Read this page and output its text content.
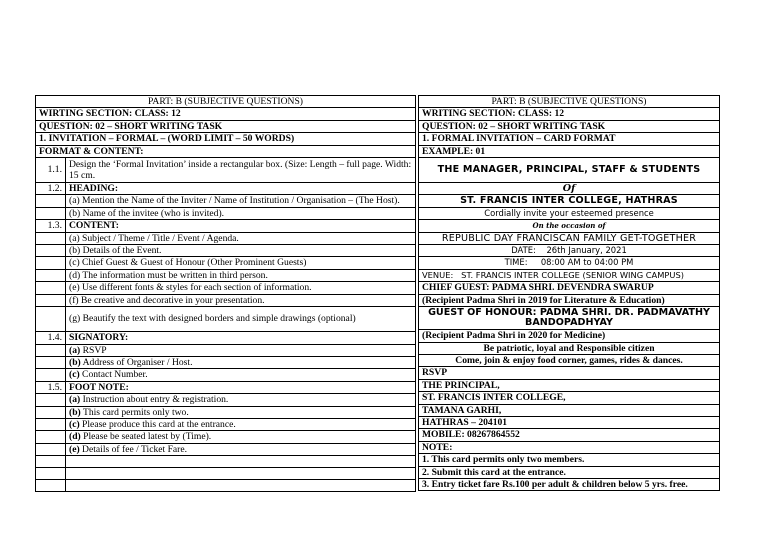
PART: B (SUBJECTIVE QUESTIONS)	
WIRTING SECTION: CLASS: 12	
QUESTION: 02 – SHORT WRITING TASK	
1. INVITATION – FORMAL – (WORD LIMIT – 50 WORDS)	
FORMAT & CONTENT:	
1.1.	Design the ‘Formal Invitation’ inside a rectangular box. (Size: Length – full page. Width: 15 cm.
1.2.	HEADING:
	(a) Mention the Name of the Inviter / Name of Institution / Organisation – (The Host).
	(b) Name of the invitee (who is invited).
1.3.	CONTENT:
	(a) Subject / Theme / Title / Event / Agenda.
	(b) Details of the Event.
	(c) Chief Guest & Guest of Honour (Other Prominent Guests)
	(d) The information must be written in third person.
	(e) Use different fonts & styles for each section of information.
	(f) Be creative and decorative in your presentation.
	(g) Beautify the text with designed borders and simple drawings (optional)
1.4.	SIGNATORY:
	(a) RSVP
	(b) Address of Organiser / Host.
	(c) Contact Number.
1.5.	FOOT NOTE:
	(a) Instruction about entry & registration.
	(b) This card permits only two.
	(c) Please produce this card at the entrance.
	(d) Please be seated latest by (Time).
	(e) Details of fee / Ticket Fare.

PART: B (SUBJECTIVE QUESTIONS)
WRITING SECTION: CLASS: 12
QUESTION: 02 – SHORT WRITING TASK
1. FORMAL INVITATION – CARD FORMAT
EXAMPLE: 01
THE MANAGER, PRINCIPAL, STAFF & STUDENTS
Of
ST. FRANCIS INTER COLLEGE, HATHRAS
Cordially invite your esteemed presence
On the occasion of
REPUBLIC DAY FRANCISCAN FAMILY GET-TOGETHER
DATE: 26th January, 2021
TIME: 08:00 AM to 04:00 PM
VENUE: ST. FRANCIS INTER COLLEGE (SENIOR WING CAMPUS)
CHIEF GUEST: PADMA SHRI. DEVENDRA SWARUP
(Recipient Padma Shri in 2019 for Literature & Education)
GUEST OF HONOUR: PADMA SHRI. DR. PADMAVATHY BANDOPADHYAY
(Recipient Padma Shri in 2020 for Medicine)
Be patriotic, loyal and Responsible citizen
Come, join & enjoy food corner, games, rides & dances.
RSVP
THE PRINCIPAL,
ST. FRANCIS INTER COLLEGE,
TAMANA GARHI,
HATHRAS – 204101
MOBILE: 08267864552
NOTE:
1. This card permits only two members.
2. Submit this card at the entrance.
3. Entry ticket fare Rs.100 per adult & children below 5 yrs. free.
